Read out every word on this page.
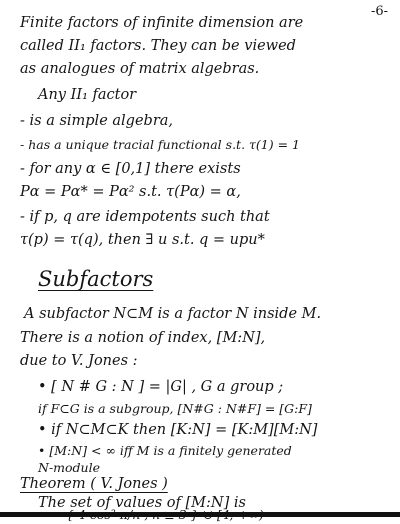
-6-
Finite factors of infinite dimension are
called II₁ factors. They can be viewed
as analogues of matrix algebras.
Any II₁ factor
- is a simple algebra,
- has a unique tracial functional s.t. τ(1) = 1
- for any α ∈ [0,1] there exists
Pα = Pα* = Pα² s.t. τ(Pα) = α,
- if p, q are idempotents such that
τ(p) = τ(q), then ∃ u s.t. q = upu*
Subfactors
A subfactor N⊂M is a factor N inside M.
There is a notion of index, [M:N],
due to V. Jones :
• [ N # G : N ] = |G| , G a group ;
if F⊂G is a subgroup, [N#G : N#F] = [G:F]
• if N⊂M⊂K then [K:N] = [K:M][M:N]
• [M:N] < ∞ iff M is a finitely generated
N-module
Theorem ( V. Jones )
The set of values of [M:N] is
